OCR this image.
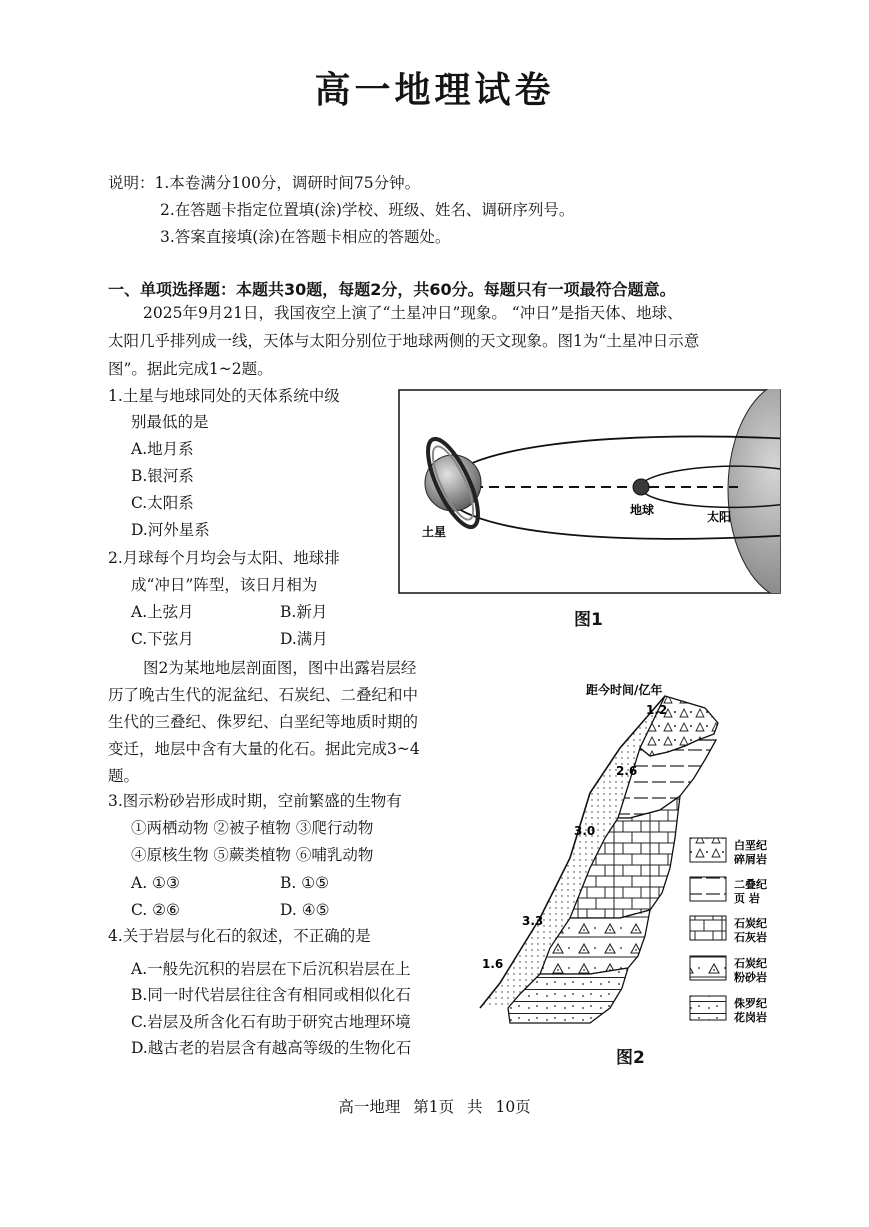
高一地理试卷
说明：1.本卷满分100分，调研时间75分钟。
2.在答题卡指定位置填(涂)学校、班级、姓名、调研序列号。
3.答案直接填(涂)在答题卡相应的答题处。
一、单项选择题：本题共30题，每题2分，共60分。每题只有一项最符合题意。
2025年9月21日，我国夜空上演了“土星冲日”现象。 “冲日”是指天体、地球、
太阳几乎排列成一线，天体与太阳分别位于地球两侧的天文现象。图1为“土星冲日示意
图”。据此完成1~2题。
1.土星与地球同处的天体系统中级
别最低的是
A.地月系
B.银河系
C.太阳系
D.河外星系
2.月球每个月均会与太阳、地球排
成“冲日”阵型，该日月相为
A.上弦月	B.新月
C.下弦月	D.满月
土星
地球	太阳
图1
图2为某地地层剖面图，图中出露岩层经
历了晚古生代的泥盆纪、石炭纪、二叠纪和中
生代的三叠纪、侏罗纪、白垩纪等地质时期的
变迁，地层中含有大量的化石。据此完成3~4
题。
3.图示粉砂岩形成时期，空前繁盛的生物有
①两栖动物 ②被子植物 ③爬行动物
④原核生物 ⑤蕨类植物 ⑥哺乳动物
A. ①③	B. ①⑤
C. ②⑥	D. ④⑤
4.关于岩层与化石的叙述，不正确的是
A.一般先沉积的岩层在下后沉积岩层在上
B.同一时代岩层往往含有相同或相似化石
C.岩层及所含化石有助于研究古地理环境
D.越古老的岩层含有越高等级的生物化石
距今时间/亿年
1.2
2.6
3.0
3.3
1.6
白垩纪
碎屑岩
二叠纪
页 岩
石炭纪
石灰岩
石炭纪
粉砂岩
侏罗纪
花岗岩
图2
高一地理 第1页 共 10页
